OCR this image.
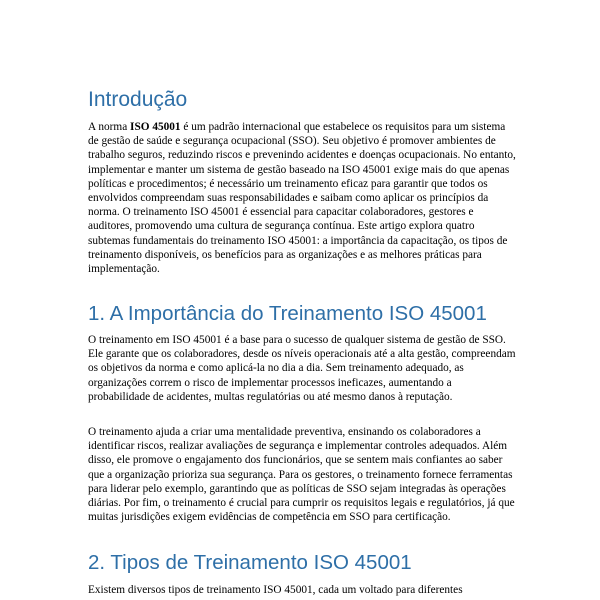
Introdução

A norma ISO 45001 é um padrão internacional que estabelece os requisitos para um sistema de gestão de saúde e segurança ocupacional (SSO). Seu objetivo é promover ambientes de trabalho seguros, reduzindo riscos e prevenindo acidentes e doenças ocupacionais. No entanto, implementar e manter um sistema de gestão baseado na ISO 45001 exige mais do que apenas políticas e procedimentos; é necessário um treinamento eficaz para garantir que todos os envolvidos compreendam suas responsabilidades e saibam como aplicar os princípios da norma. O treinamento ISO 45001 é essencial para capacitar colaboradores, gestores e auditores, promovendo uma cultura de segurança contínua. Este artigo explora quatro subtemas fundamentais do treinamento ISO 45001: a importância da capacitação, os tipos de treinamento disponíveis, os benefícios para as organizações e as melhores práticas para implementação.

1. A Importância do Treinamento ISO 45001

O treinamento em ISO 45001 é a base para o sucesso de qualquer sistema de gestão de SSO. Ele garante que os colaboradores, desde os níveis operacionais até a alta gestão, compreendam os objetivos da norma e como aplicá-la no dia a dia. Sem treinamento adequado, as organizações correm o risco de implementar processos ineficazes, aumentando a probabilidade de acidentes, multas regulatórias ou até mesmo danos à reputação.

O treinamento ajuda a criar uma mentalidade preventiva, ensinando os colaboradores a identificar riscos, realizar avaliações de segurança e implementar controles adequados. Além disso, ele promove o engajamento dos funcionários, que se sentem mais confiantes ao saber que a organização prioriza sua segurança. Para os gestores, o treinamento fornece ferramentas para liderar pelo exemplo, garantindo que as políticas de SSO sejam integradas às operações diárias. Por fim, o treinamento é crucial para cumprir os requisitos legais e regulatórios, já que muitas jurisdições exigem evidências de competência em SSO para certificação.

2. Tipos de Treinamento ISO 45001

Existem diversos tipos de treinamento ISO 45001, cada um voltado para diferentes
